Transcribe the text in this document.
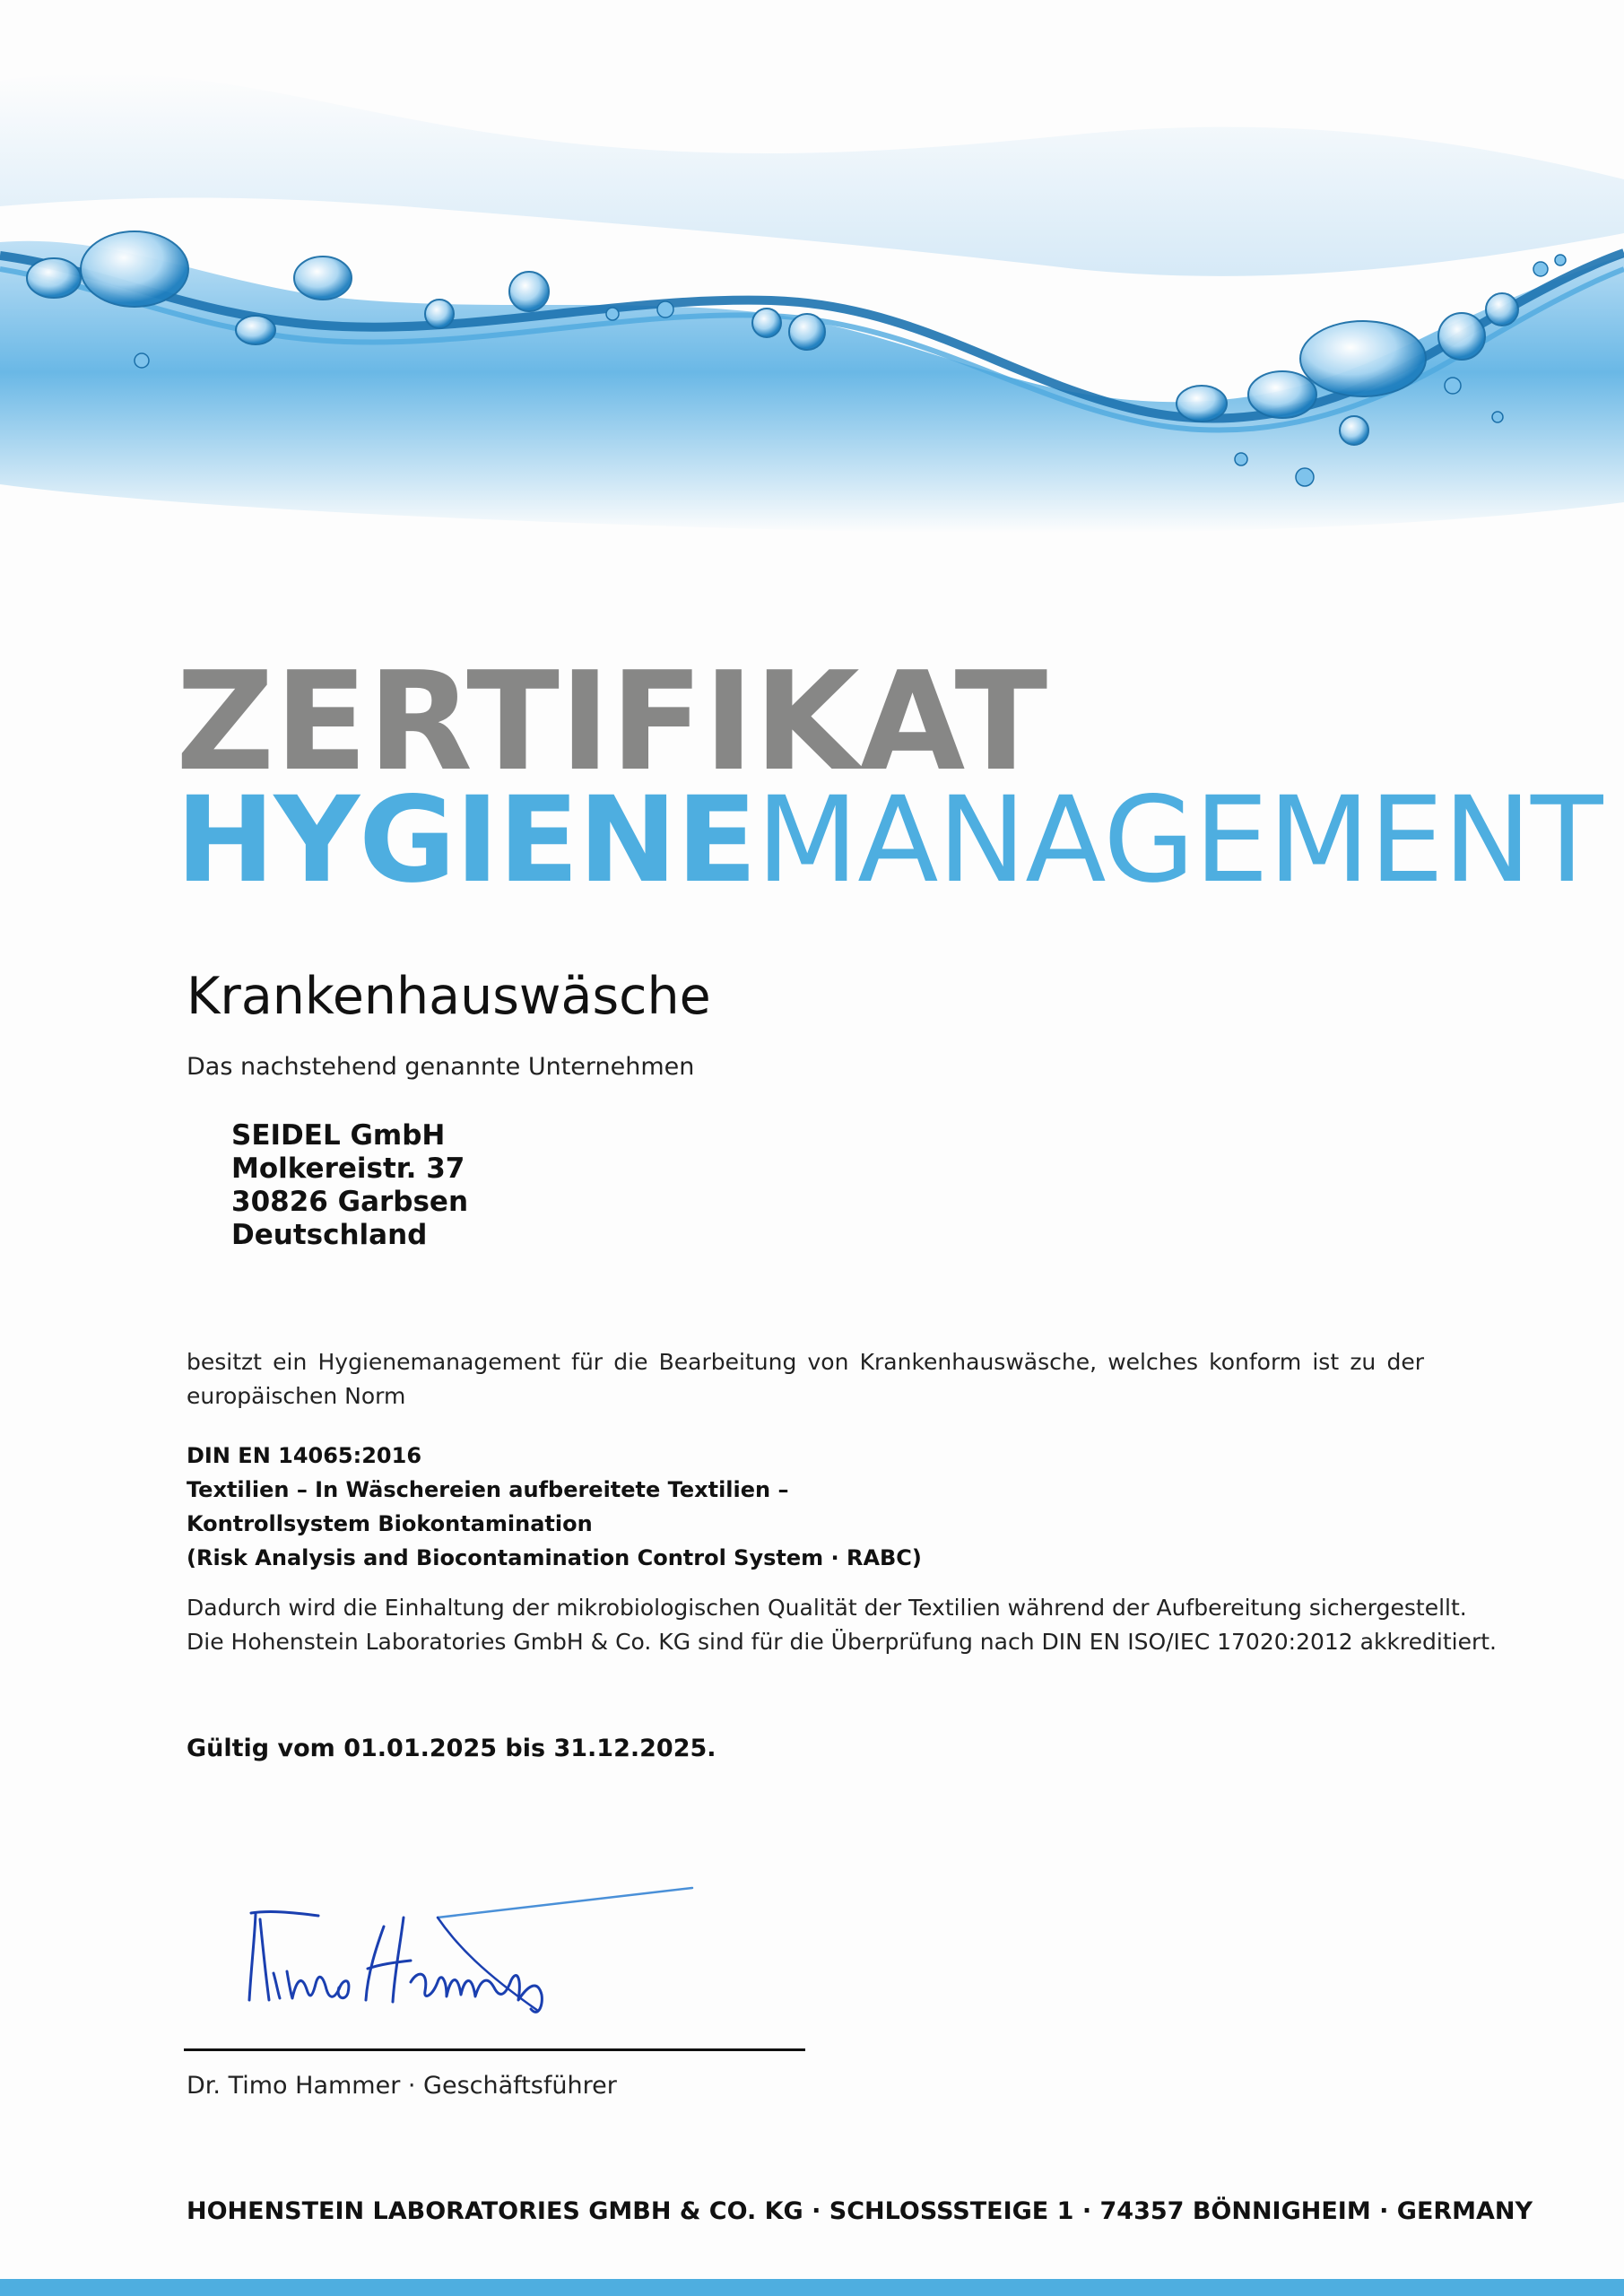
ZERTIFIKAT
HYGIENEMANAGEMENT
Krankenhauswäsche
Das nachstehend genannte Unternehmen
SEIDEL GmbH
Molkereistr. 37
30826 Garbsen
Deutschland
besitzt ein Hygienemanagement für die Bearbeitung von Krankenhauswäsche, welches konform ist zu der europäischen Norm
DIN EN 14065:2016
Textilien – In Wäschereien aufbereitete Textilien –
Kontrollsystem Biokontamination
(Risk Analysis and Biocontamination Control System · RABC)
Dadurch wird die Einhaltung der mikrobiologischen Qualität der Textilien während der Aufbereitung sichergestellt.
Die Hohenstein Laboratories GmbH & Co. KG sind für die Überprüfung nach DIN EN ISO/IEC 17020:2012 akkreditiert.
Gültig vom 01.01.2025 bis 31.12.2025.
Dr. Timo Hammer · Geschäftsführer
HOHENSTEIN LABORATORIES GMBH & CO. KG · SCHLOSSSTEIGE 1 · 74357 BÖNNIGHEIM · GERMANY
